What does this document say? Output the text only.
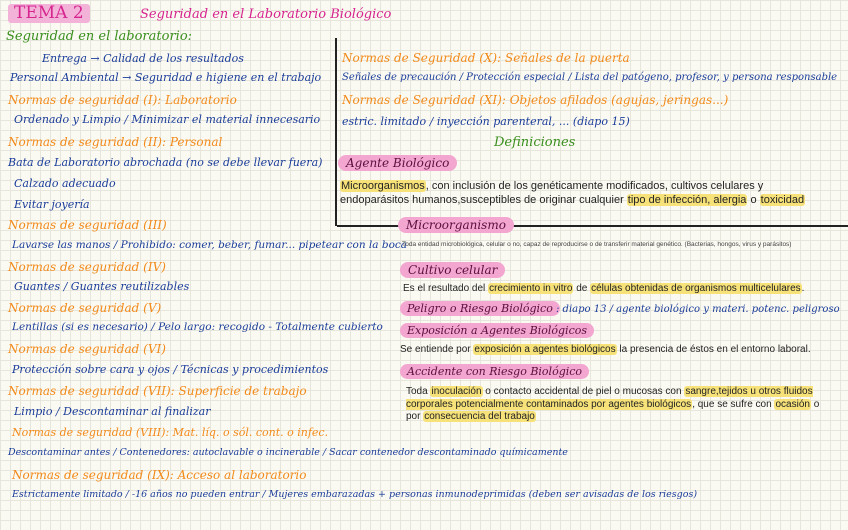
TEMA 2	Seguridad en el Laboratorio Biológico
Seguridad en el laboratorio:
Entrega → Calidad de los resultados
Personal Ambiental → Seguridad e higiene en el trabajo
Normas de seguridad (I): Laboratorio
Ordenado y Limpio / Minimizar el material innecesario
Normas de seguridad (II): Personal
Bata de Laboratorio abrochada (no se debe llevar fuera)
Calzado adecuado
Evitar joyería
Normas de seguridad (III)
Lavarse las manos / Prohibido: comer, beber, fumar... pipetear con la boca
Normas de seguridad (IV)
Guantes / Guantes reutilizables
Normas de seguridad (V)
Lentillas (si es necesario) / Pelo largo: recogido - Totalmente cubierto
Normas de seguridad (VI)
Protección sobre cara y ojos / Técnicas y procedimientos
Normas de seguridad (VII): Superficie de trabajo
Limpio / Descontaminar al finalizar
Normas de seguridad (VIII): Mat. líq. o sól. cont. o infec.
Normas de Seguridad (X): Señales de la puerta
Señales de precaución / Protección especial / Lista del patógeno, profesor, y persona responsable
Normas de Seguridad (XI): Objetos afilados (agujas, jeringas...)
estric. limitado / inyección parenteral, ... (diapo 15)
Definiciones
Agente Biológico
Microorganismos, con inclusión de los genéticamente modificados, cultivos celulares y endoparásitos humanos,susceptibles de originar cualquier tipo de infección, alergia o toxicidad
Microorganismo
Toda entidad microbiológica, celular o no, capaz de reproducirse o de transferir material genético. (Bacterias, hongos, virus y parásitos)
Cultivo celular
Es el resultado del crecimiento in vitro de células obtenidas de organismos multicelulares.
Peligro o Riesgo Biológico : diapo 13 / agente biológico y materi. potenc. peligroso
Exposición a Agentes Biológicos
Se entiende por exposición a agentes biológicos la presencia de éstos en el entorno laboral.
Accidente con Riesgo Biológico
Toda inoculación o contacto accidental de piel o mucosas con sangre,tejidos u otros fluidos corporales potencialmente contaminados por agentes biológicos, que se sufre con ocasión o por consecuencia del trabajo
Descontaminar antes / Contenedores: autoclavable o incinerable / Sacar contenedor descontaminado químicamente
Normas de seguridad (IX): Acceso al laboratorio
Estrictamente limitado / -16 años no pueden entrar / Mujeres embarazadas + personas inmunodeprimidas (deben ser avisadas de los riesgos)
